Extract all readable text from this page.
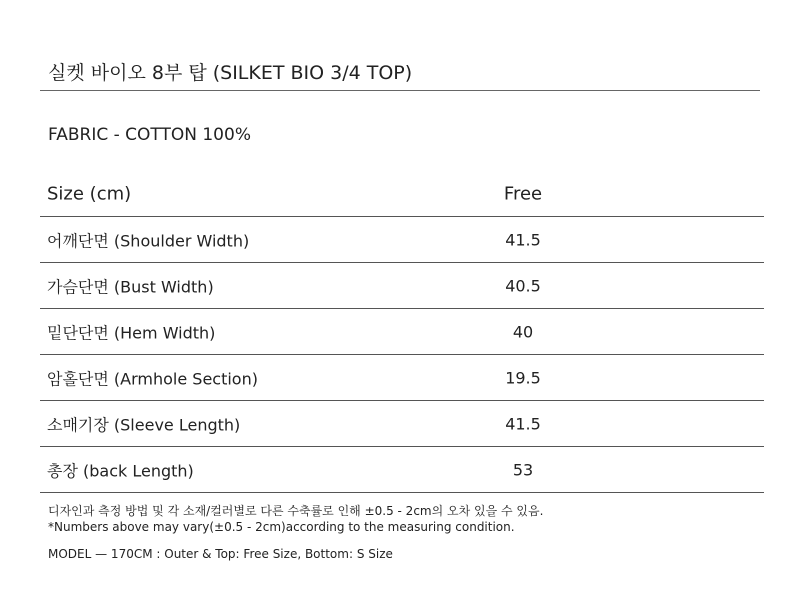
실켓 바이오 8부 탑 (SILKET BIO 3/4 TOP)
FABRIC - COTTON 100%
Size (cm)	Free
어깨단면 (Shoulder Width)	41.5
가슴단면 (Bust Width)	40.5
밑단단면 (Hem Width)	40
암홀단면 (Armhole Section)	19.5
소매기장 (Sleeve Length)	41.5
총장 (back Length)	53
디자인과 측정 방법 및 각 소재/컬러별로 다른 수축률로 인해 ±0.5 - 2cm의 오차 있을 수 있음.
*Numbers above may vary(±0.5 - 2cm)according to the measuring condition.
MODEL — 170CM : Outer & Top: Free Size, Bottom: S Size
